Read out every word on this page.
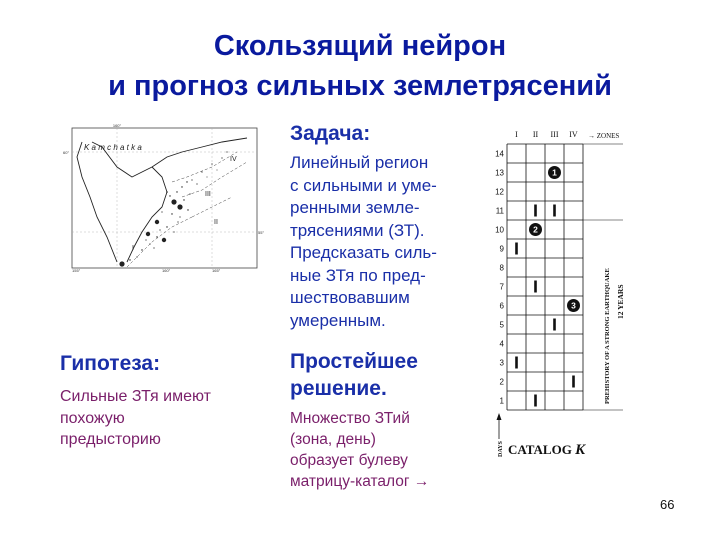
Скользящий нейрон
и прогноз сильных землетрясений
160°
60°
155°	165°
55°
160°
K a m c h a t k a
IV
III
II
I
Задача:
Линейный регион
с сильными и уме-
ренными земле-
трясениями (ЗТ).
Предсказать силь-
ные ЗТя по пред-
шествовавшим
умеренным.
Простейшее
решение.
Множество ЗТий
(зона, день)
образует булеву
матрицу-каталог →
Гипотеза:
Сильные ЗТя имеют
похожую
предысторию
→ ZONES
PREHISTORY OF A STRONG EARTHQUAKE 12 YEARS
DAYS
I II III IV
14
13
12
11
10
9
8
7
6
5
4
3
2
1
1
2
3
CATALOG K
66
